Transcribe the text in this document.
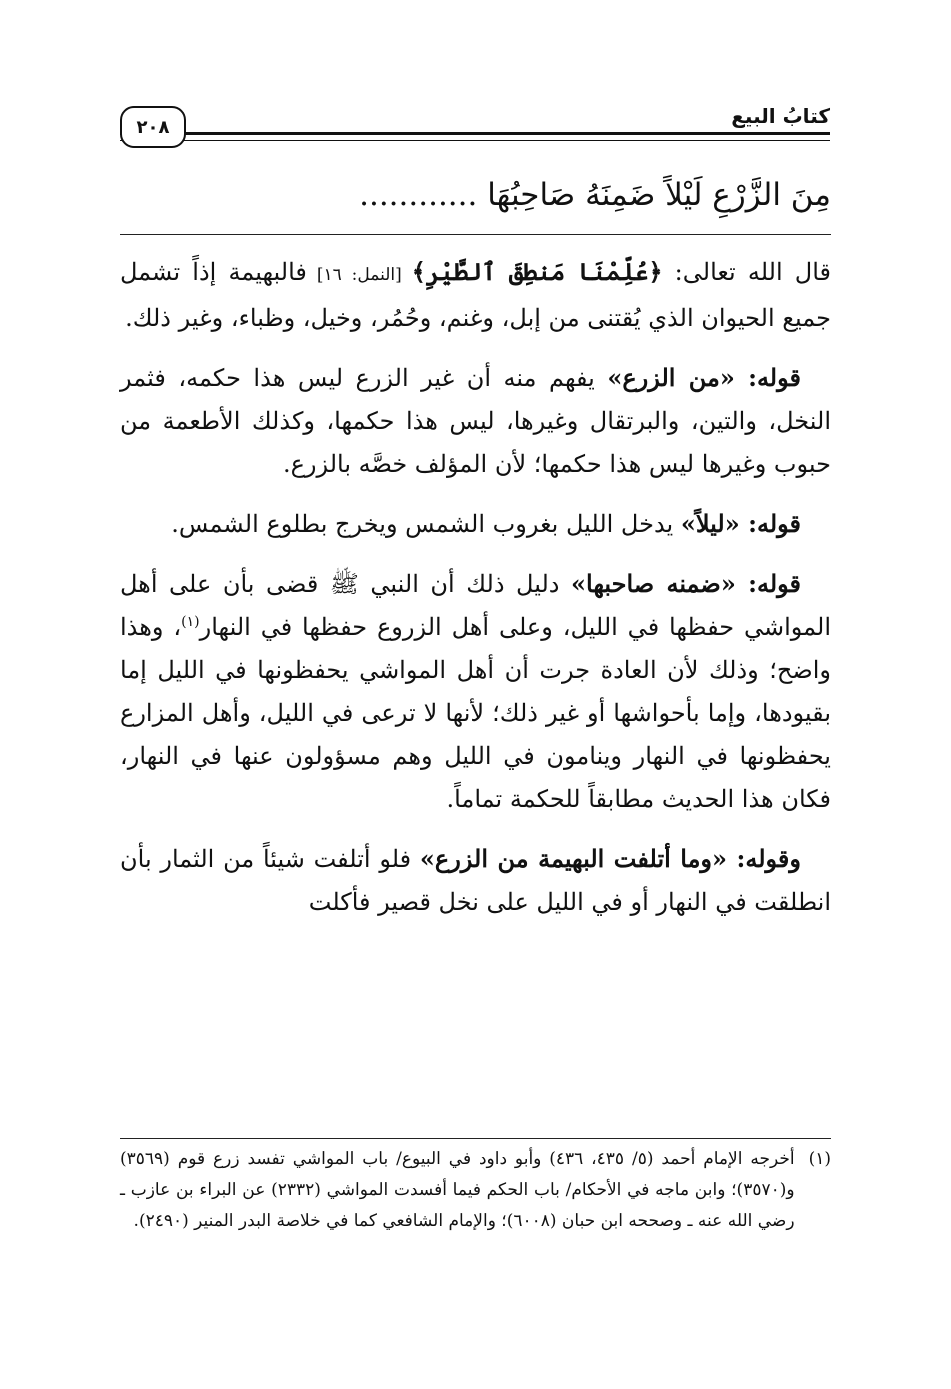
٢٠٨	كتابُ البيع
مِنَ الزَّرْعِ لَيْلاً ضَمِنَهُ صَاحِبُهَا ............

قال الله تعالى: ﴿عُلِّمْنَا مَنطِقَ ٱلطَّيْرِ﴾ [النمل: ١٦] فالبهيمة إذاً تشمل جميع الحيوان الذي يُقتنى من إبل، وغنم، وحُمُر، وخيل، وظباء، وغير ذلك.

قوله: «من الزرع» يفهم منه أن غير الزرع ليس هذا حكمه، فثمر النخل، والتين، والبرتقال وغيرها، ليس هذا حكمها، وكذلك الأطعمة من حبوب وغيرها ليس هذا حكمها؛ لأن المؤلف خصَّه بالزرع.

قوله: «ليلاً» يدخل الليل بغروب الشمس ويخرج بطلوع الشمس.

قوله: «ضمنه صاحبها» دليل ذلك أن النبي ﷺ قضى بأن على أهل المواشي حفظها في الليل، وعلى أهل الزروع حفظها في النهار$^{(١)}$، وهذا واضح؛ وذلك لأن العادة جرت أن أهل المواشي يحفظونها في الليل إما بقيودها، وإما بأحواشها أو غير ذلك؛ لأنها لا ترعى في الليل، وأهل المزارع يحفظونها في النهار وينامون في الليل وهم مسؤولون عنها في النهار، فكان هذا الحديث مطابقاً للحكمة تماماً.

وقوله: «وما أتلفت البهيمة من الزرع» فلو أتلفت شيئاً من الثمار بأن انطلقت في النهار أو في الليل على نخل قصير فأكلت

(١)
أخرجه الإمام أحمد (٥/ ٤٣٥، ٤٣٦) وأبو داود في البيوع/ باب المواشي تفسد زرع قوم (٣٥٦٩) و(٣٥٧٠)؛ وابن ماجه في الأحكام/ باب الحكم فيما أفسدت المواشي (٢٣٣٢) عن البراء بن عازب ـ رضي الله عنه ـ وصححه ابن حبان (٦٠٠٨)؛ والإمام الشافعي كما في خلاصة البدر المنير (٢٤٩٠).
